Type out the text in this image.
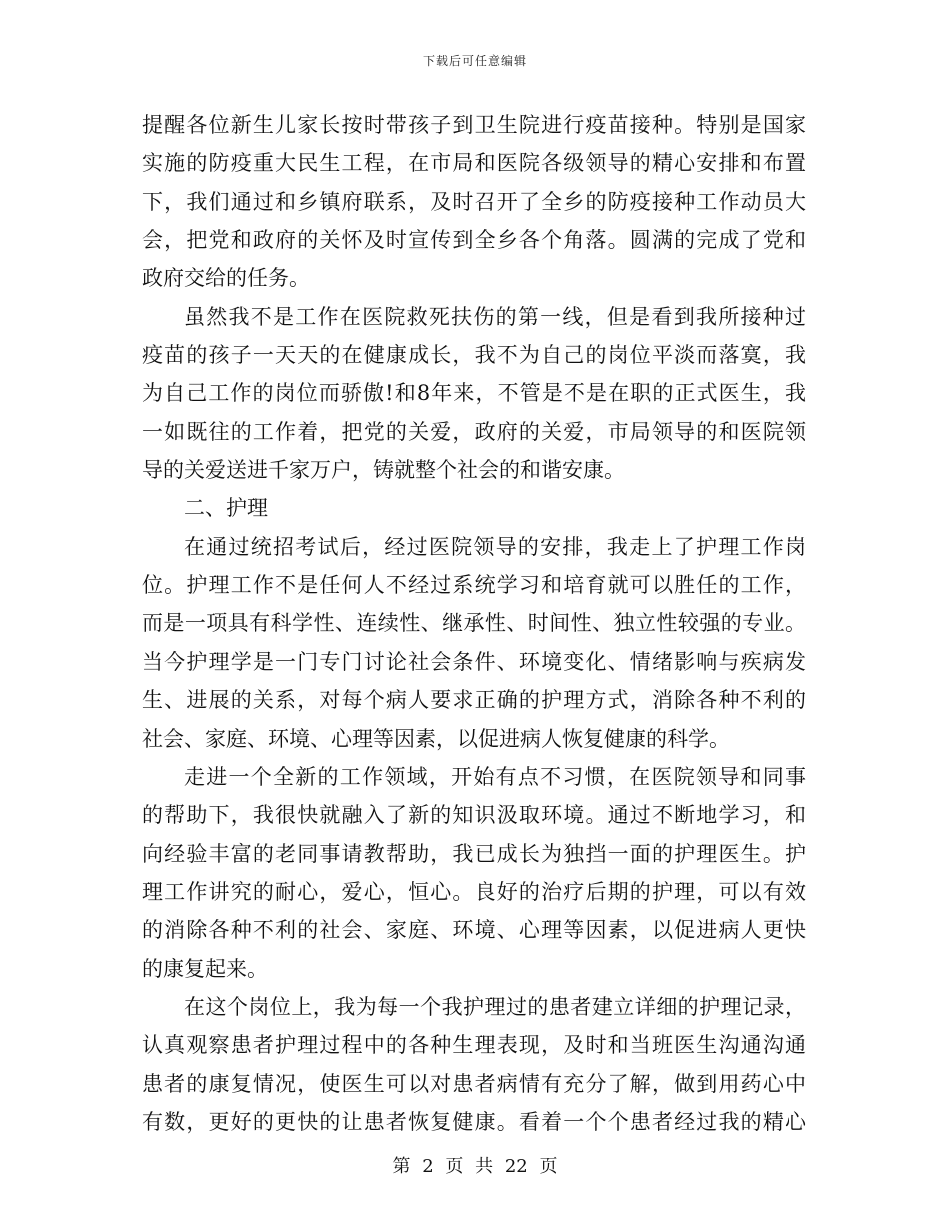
下载后可任意编辑
提醒各位新生儿家长按时带孩子到卫生院进行疫苗接种。特别是国家
实施的防疫重大民生工程，在市局和医院各级领导的精心安排和布置
下，我们通过和乡镇府联系，及时召开了全乡的防疫接种工作动员大
会，把党和政府的关怀及时宣传到全乡各个角落。圆满的完成了党和
政府交给的任务。
虽然我不是工作在医院救死扶伤的第一线，但是看到我所接种过
疫苗的孩子一天天的在健康成长，我不为自己的岗位平淡而落寞，我
为自己工作的岗位而骄傲!和8年来，不管是不是在职的正式医生，我
一如既往的工作着，把党的关爱，政府的关爱，市局领导的和医院领
导的关爱送进千家万户，铸就整个社会的和谐安康。
二、护理
在通过统招考试后，经过医院领导的安排，我走上了护理工作岗
位。护理工作不是任何人不经过系统学习和培育就可以胜任的工作，
而是一项具有科学性、连续性、继承性、时间性、独立性较强的专业。
当今护理学是一门专门讨论社会条件、环境变化、情绪影响与疾病发
生、进展的关系，对每个病人要求正确的护理方式，消除各种不利的
社会、家庭、环境、心理等因素，以促进病人恢复健康的科学。
走进一个全新的工作领域，开始有点不习惯，在医院领导和同事
的帮助下，我很快就融入了新的知识汲取环境。通过不断地学习，和
向经验丰富的老同事请教帮助，我已成长为独挡一面的护理医生。护
理工作讲究的耐心，爱心，恒心。良好的治疗后期的护理，可以有效
的消除各种不利的社会、家庭、环境、心理等因素，以促进病人更快
的康复起来。
在这个岗位上，我为每一个我护理过的患者建立详细的护理记录，
认真观察患者护理过程中的各种生理表现，及时和当班医生沟通沟通
患者的康复情况，使医生可以对患者病情有充分了解，做到用药心中
有数，更好的更快的让患者恢复健康。看着一个个患者经过我的精心
第 2 页 共 22 页
